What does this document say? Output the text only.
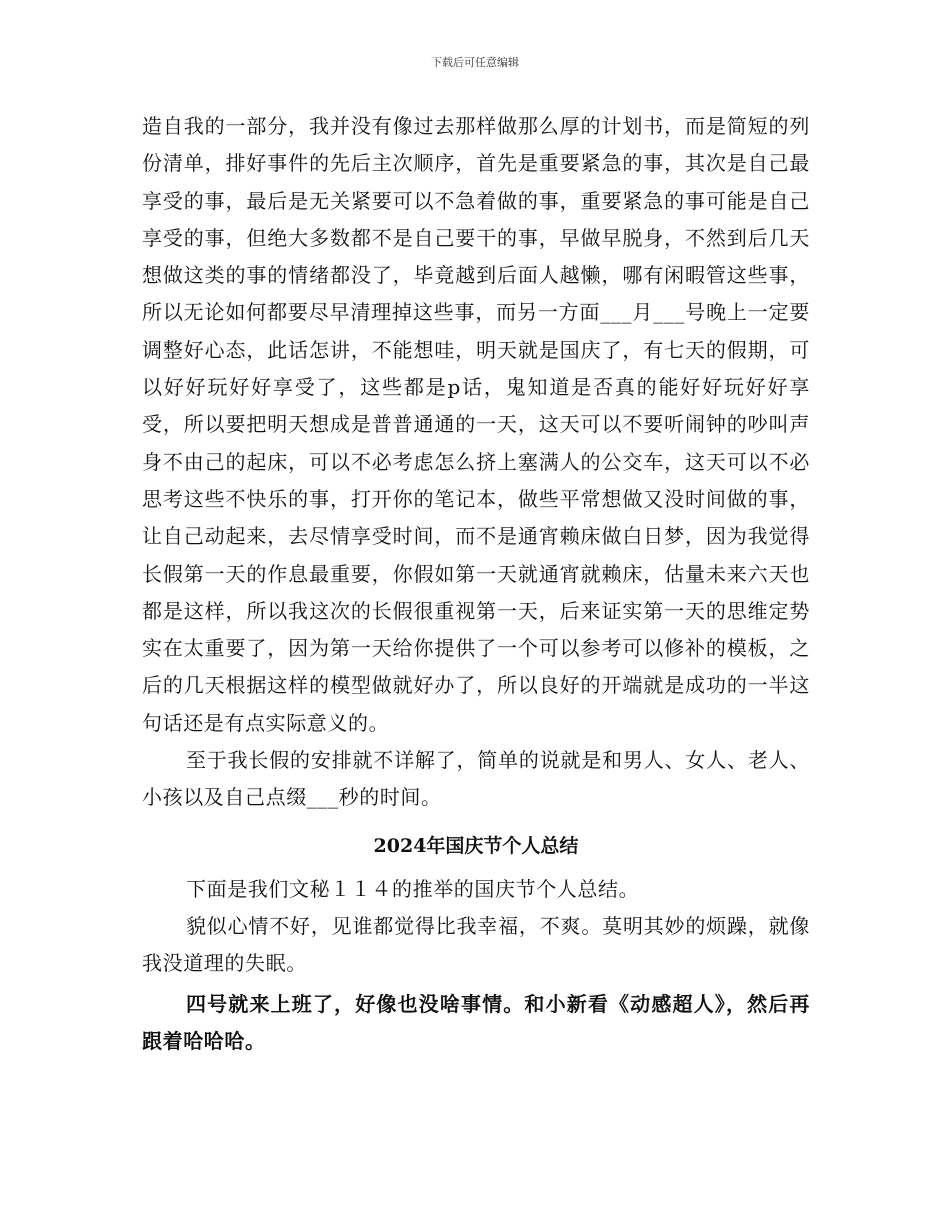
下载后可任意编辑

造自我的一部分，我并没有像过去那样做那么厚的计划书，而是简短的列份清单，排好事件的先后主次顺序，首先是重要紧急的事，其次是自己最享受的事，最后是无关紧要可以不急着做的事，重要紧急的事可能是自己享受的事，但绝大多数都不是自己要干的事，早做早脱身，不然到后几天想做这类的事的情绪都没了，毕竟越到后面人越懒，哪有闲暇管这些事，所以无论如何都要尽早清理掉这些事，而另一方面___月___号晚上一定要调整好心态，此话怎讲，不能想哇，明天就是国庆了，有七天的假期，可以好好玩好好享受了，这些都是p话，鬼知道是否真的能好好玩好好享受，所以要把明天想成是普普通通的一天，这天可以不要听闹钟的吵叫声身不由己的起床，可以不必考虑怎么挤上塞满人的公交车，这天可以不必思考这些不快乐的事，打开你的笔记本，做些平常想做又没时间做的事，让自己动起来，去尽情享受时间，而不是通宵赖床做白日梦，因为我觉得长假第一天的作息最重要，你假如第一天就通宵就赖床，估量未来六天也都是这样，所以我这次的长假很重视第一天，后来证实第一天的思维定势实在太重要了，因为第一天给你提供了一个可以参考可以修补的模板，之后的几天根据这样的模型做就好办了，所以良好的开端就是成功的一半这句话还是有点实际意义的。

至于我长假的安排就不详解了，简单的说就是和男人、女人、老人、小孩以及自己点缀___秒的时间。

2024年国庆节个人总结

下面是我们文秘１１４的推举的国庆节个人总结。

貌似心情不好，见谁都觉得比我幸福，不爽。莫明其妙的烦躁，就像我没道理的失眠。

四号就来上班了，好像也没啥事情。和小新看《动感超人》，然后再跟着哈哈哈。
